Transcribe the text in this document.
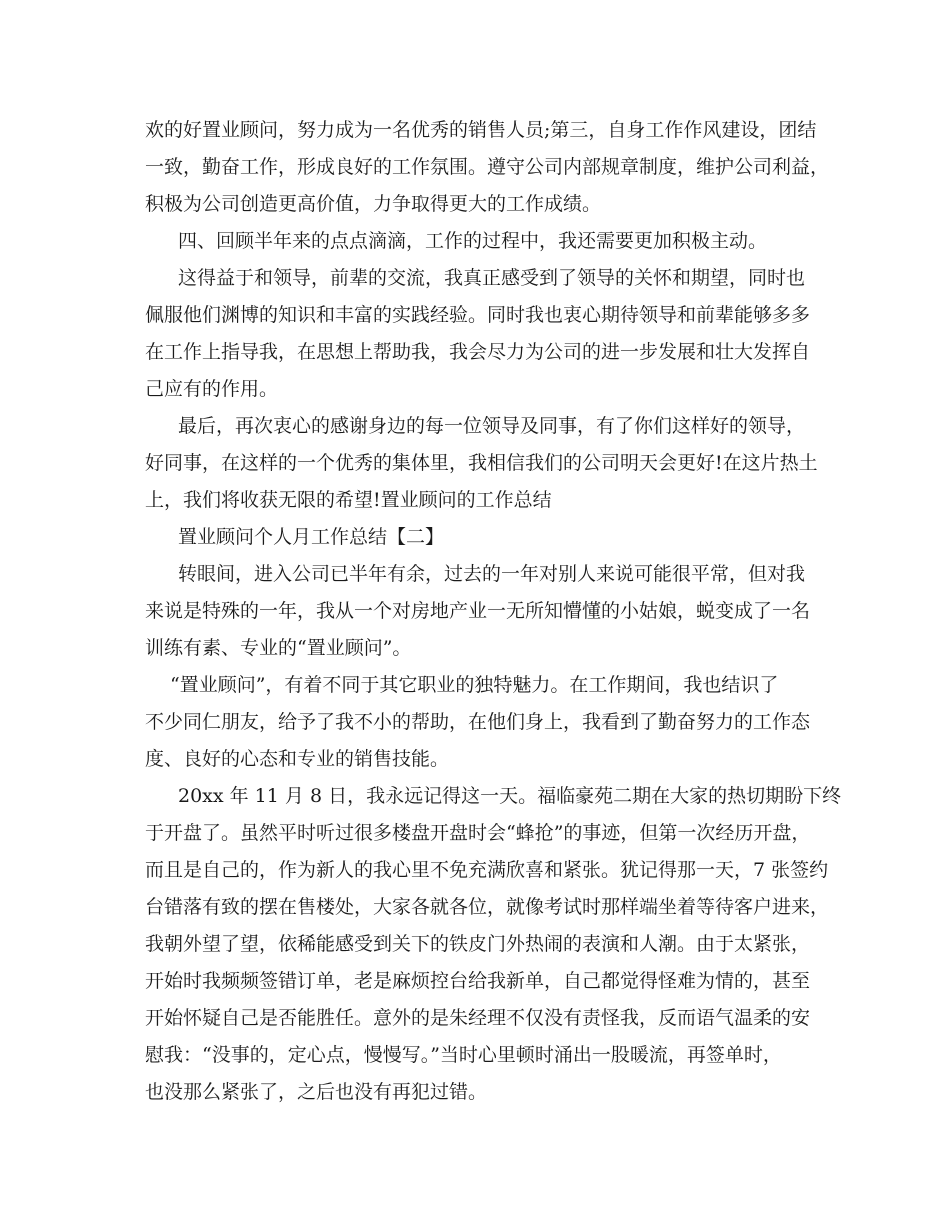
欢的好置业顾问，努力成为一名优秀的销售人员;第三，自身工作作风建设，团结
一致，勤奋工作，形成良好的工作氛围。遵守公司内部规章制度，维护公司利益，
积极为公司创造更高价值，力争取得更大的工作成绩。
四、回顾半年来的点点滴滴，工作的过程中，我还需要更加积极主动。
这得益于和领导，前辈的交流，我真正感受到了领导的关怀和期望，同时也
佩服他们渊博的知识和丰富的实践经验。同时我也衷心期待领导和前辈能够多多
在工作上指导我，在思想上帮助我，我会尽力为公司的进一步发展和壮大发挥自
己应有的作用。
最后，再次衷心的感谢身边的每一位领导及同事，有了你们这样好的领导，
好同事，在这样的一个优秀的集体里，我相信我们的公司明天会更好!在这片热土
上，我们将收获无限的希望!置业顾问的工作总结
置业顾问个人月工作总结【二】
转眼间，进入公司已半年有余，过去的一年对别人来说可能很平常，但对我
来说是特殊的一年，我从一个对房地产业一无所知懵懂的小姑娘，蜕变成了一名
训练有素、专业的“置业顾问”。
“置业顾问”，有着不同于其它职业的独特魅力。在工作期间，我也结识了
不少同仁朋友，给予了我不小的帮助，在他们身上，我看到了勤奋努力的工作态
度、良好的心态和专业的销售技能。
20xx 年 11 月 8 日，我永远记得这一天。福临豪苑二期在大家的热切期盼下终
于开盘了。虽然平时听过很多楼盘开盘时会“蜂抢”的事迹，但第一次经历开盘，
而且是自己的，作为新人的我心里不免充满欣喜和紧张。犹记得那一天，7 张签约
台错落有致的摆在售楼处，大家各就各位，就像考试时那样端坐着等待客户进来，
我朝外望了望，依稀能感受到关下的铁皮门外热闹的表演和人潮。由于太紧张，
开始时我频频签错订单，老是麻烦控台给我新单，自己都觉得怪难为情的，甚至
开始怀疑自己是否能胜任。意外的是朱经理不仅没有责怪我，反而语气温柔的安
慰我：“没事的，定心点，慢慢写。”当时心里顿时涌出一股暖流，再签单时，
也没那么紧张了，之后也没有再犯过错。
